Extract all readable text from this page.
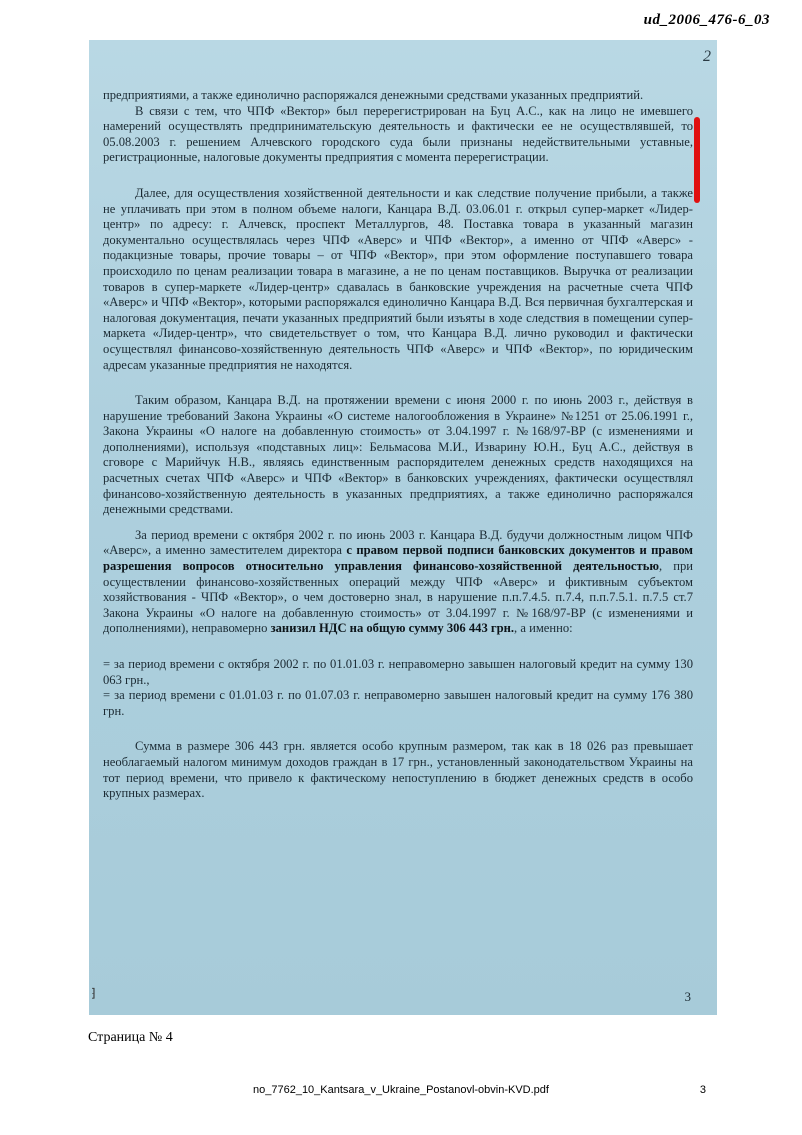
ud_2006_476-6_03
2

предприятиями, а также единолично распоряжался денежными средствами указанных предприятий.

В связи с тем, что ЧПФ «Вектор» был перерегистрирован на Буц А.С., как на лицо не имевшего намерений осуществлять предпринимательскую деятельность и фактически ее не осуществлявшей, то 05.08.2003 г. решением Алчевского городского суда были признаны недействительными уставные, регистрационные, налоговые документы предприятия с момента перерегистрации.

Далее, для осуществления хозяйственной деятельности и как следствие получение прибыли, а также не уплачивать при этом в полном объеме налоги, Канцара В.Д. 03.06.01 г. открыл супер-маркет «Лидер-центр» по адресу: г. Алчевск, проспект Металлургов, 48. Поставка товара в указанный магазин документально осуществлялась через ЧПФ «Аверс» и ЧПФ «Вектор», а именно от ЧПФ «Аверс» - подакцизные товары, прочие товары – от ЧПФ «Вектор», при этом оформление поступавшего товара происходило по ценам реализации товара в магазине, а не по ценам поставщиков. Выручка от реализации товаров в супер-маркете «Лидер-центр» сдавалась в банковские учреждения на расчетные счета ЧПФ «Аверс» и ЧПФ «Вектор», которыми распоряжался единолично Канцара В.Д. Вся первичная бухгалтерская и налоговая документация, печати указанных предприятий были изъяты в ходе следствия в помещении супер-маркета «Лидер-центр», что свидетельствует о том, что Канцара В.Д. лично руководил и фактически осуществлял финансово-хозяйственную деятельность ЧПФ «Аверс» и ЧПФ «Вектор», по юридическим адресам указанные предприятия не находятся.

Таким образом, Канцара В.Д. на протяжении времени с июня 2000 г. по июнь 2003 г., действуя в нарушение требований Закона Украины «О системе налогообложения в Украине» №1251 от 25.06.1991 г., Закона Украины «О налоге на добавленную стоимость» от 3.04.1997 г. №168/97-ВР (с изменениями и дополнениями), используя «подставных лиц»: Бельмасова М.И., Изварину Ю.Н., Буц А.С., действуя в сговоре с Марийчук Н.В., являясь единственным распорядителем денежных средств находящихся на расчетных счетах ЧПФ «Аверс» и ЧПФ «Вектор» в банковских учреждениях, фактически осуществлял финансово-хозяйственную деятельность в указанных предприятиях, а также единолично распоряжался денежными средствами.

За период времени с октября 2002 г. по июнь 2003 г. Канцара В.Д. будучи должностным лицом ЧПФ «Аверс», а именно заместителем директора с правом первой подписи банковских документов и правом разрешения вопросов относительно управления финансово-хозяйственной деятельностью, при осуществлении финансово-хозяйственных операций между ЧПФ «Аверс» и фиктивным субъектом хозяйствования - ЧПФ «Вектор», о чем достоверно знал, в нарушение п.п.7.4.5. п.7.4, п.п.7.5.1. п.7.5 ст.7 Закона Украины «О налоге на добавленную стоимость» от 3.04.1997 г. №168/97-ВР (с изменениями и дополнениями), неправомерно занизил НДС на общую сумму 306 443 грн., а именно:

= за период времени с октября 2002 г. по 01.01.03 г. неправомерно завышен налоговый кредит на сумму 130 063 грн.,

= за период времени с 01.01.03 г. по 01.07.03 г. неправомерно завышен налоговый кредит на сумму 176 380 грн.

Сумма в размере 306 443 грн. является особо крупным размером, так как в 18 026 раз превышает необлагаемый налогом минимум доходов граждан в 17 грн., установленный законодательством Украины на тот период времени, что привело к фактическому непоступлению в бюджет денежных средств в особо крупных размерах.

⁆	3
Страница № 4
no_7762_10_Kantsara_v_Ukraine_Postanovl-obvin-KVD.pdf	3
